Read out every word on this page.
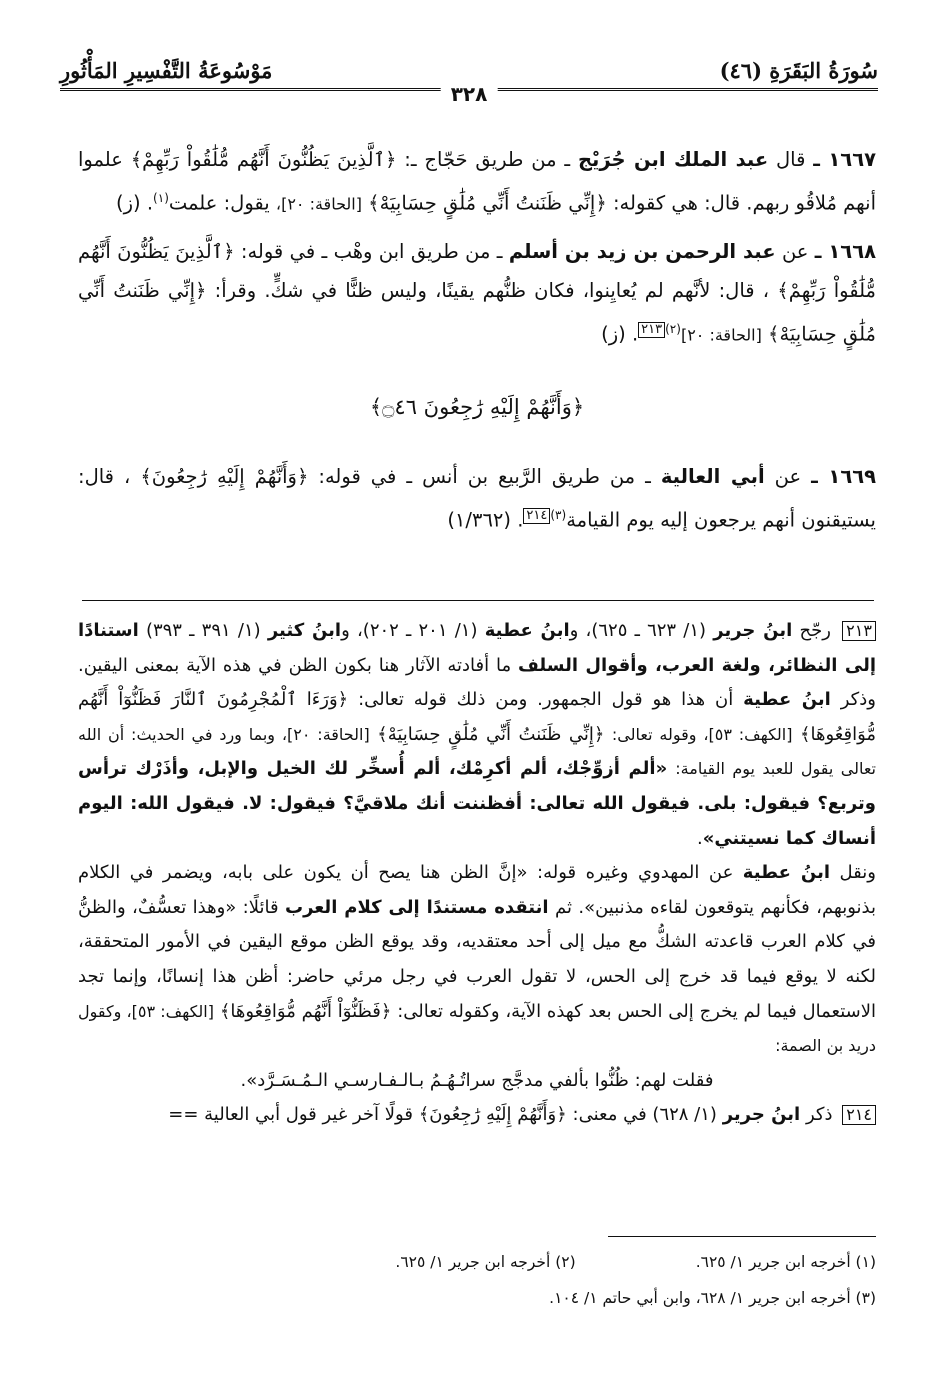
سُورَةُ البَقَرَةِ (٤٦)
مَوْسُوعَةُ التَّفْسِيرِ المَأْثُورِ
٣٢٨

١٦٦٧ ـ قال عبد الملك ابن جُرَيْج ـ من طريق حَجّاج ـ: ﴿ٱلَّذِينَ يَظُنُّونَ أَنَّهُم مُّلَٰقُواْ رَبِّهِمْ﴾ علموا أنهم مُلاقُو ربهم. قال: هي كقوله: ﴿إِنِّي ظَنَنتُ أَنِّي مُلَٰقٍ حِسَابِيَهْ﴾ [الحاقة: ٢٠]، يقول: علمت$^{(١)}$. (ز)

١٦٦٨ ـ عن عبد الرحمن بن زيد بن أسلم ـ من طريق ابن وهْب ـ في قوله: ﴿ٱلَّذِينَ يَظُنُّونَ أَنَّهُم مُّلَٰقُواْ رَبِّهِمْ﴾ ، قال: لأنَّهم لم يُعايِنوا، فكان ظنُّهم يقينًا، وليس ظنًّا في شكٍّ. وقرأ: ﴿إِنِّي ظَنَنتُ أَنِّي مُلَٰقٍ حِسَابِيَهْ﴾ [الحاقة: ٢٠]$^{(٢)}$٢١٣. (ز)

﴿وَأَنَّهُمْ إِلَيْهِ رَٰجِعُونَ ۝٤٦﴾

١٦٦٩ ـ عن أبي العالية ـ من طريق الرَّبيع بن أنس ـ في قوله: ﴿وَأَنَّهُمْ إِلَيْهِ رَٰجِعُونَ﴾ ، قال: يستيقنون أنهم يرجعون إليه يوم القيامة$^{(٣)}$٢١٤. (١/٣٦٢)

٢١٣ رجّح ابنُ جرير (١/ ٦٢٣ ـ ٦٢٥)، وابنُ عطية (١/ ٢٠١ ـ ٢٠٢)، وابنُ كثير (١/ ٣٩١ ـ ٣٩٣) استنادًا إلى النظائر، ولغة العرب، وأقوال السلف ما أفادته الآثار هنا بكون الظن في هذه الآية بمعنى اليقين. وذكر ابنُ عطية أن هذا هو قول الجمهور. ومن ذلك قوله تعالى: ﴿وَرَءَا ٱلْمُجْرِمُونَ ٱلنَّارَ فَظَنُّوٓاْ أَنَّهُم مُّوَاقِعُوهَا﴾ [الكهف: ٥٣]، وقوله تعالى: ﴿إِنِّي ظَنَنتُ أَنِّي مُلَٰقٍ حِسَابِيَهْ﴾ [الحاقة: ٢٠]، وبما ورد في الحديث: أن الله تعالى يقول للعبد يوم القيامة: «ألم أزوِّجْك، ألم أكرِمْك، ألم أُسخِّر لك الخيل والإبل، وأذَرْك ترأس وتربع؟ فيقول: بلى. فيقول الله تعالى: أفظننت أنك ملاقيَّ؟ فيقول: لا. فيقول الله: اليوم أنساك كما نسيتني».
ونقل ابنُ عطية عن المهدوي وغيره قوله: «إنَّ الظن هنا يصح أن يكون على بابه، ويضمر في الكلام بذنوبهم، فكأنهم يتوقعون لقاءه مذنبين». ثم انتقده مستندًا إلى كلام العرب قائلًا: «وهذا تعسُّفٌ، والظنُّ في كلام العرب قاعدته الشكُّ مع ميل إلى أحد معتقديه، وقد يوقع الظن موقع اليقين في الأمور المتحققة، لكنه لا يوقع فيما قد خرج إلى الحس، لا تقول العرب في رجل مرئي حاضر: أظن هذا إنسانًا، وإنما تجد الاستعمال فيما لم يخرج إلى الحس بعد كهذه الآية، وكقوله تعالى: ﴿فَظَنُّوٓاْ أَنَّهُم مُّوَاقِعُوهَا﴾ [الكهف: ٥٣]، وكقول دريد بن الصمة:
فقلت لهم: ظُنُّوا بألفي مدجَّج سراتُـهُـمُ بـالـفـارسـي الـمُـسَـرَّد».
٢١٤ ذكر ابنُ جرير (١/ ٦٢٨) في معنى: ﴿وَأَنَّهُمْ إِلَيْهِ رَٰجِعُونَ﴾ قولًا آخر غير قول أبي العالية ==
(١) أخرجه ابن جرير ١/ ٦٢٥.
(٢) أخرجه ابن جرير ١/ ٦٢٥.
(٣) أخرجه ابن جرير ١/ ٦٢٨، وابن أبي حاتم ١/ ١٠٤.
